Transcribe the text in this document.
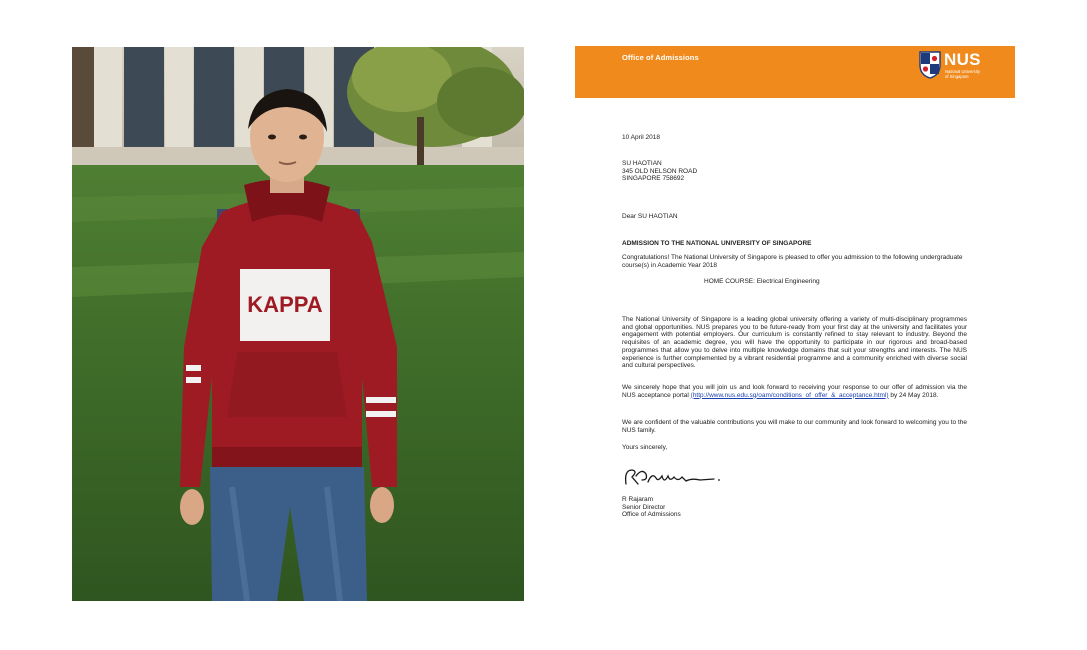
KAPPA
Office of Admissions	NUS
National University
of Singapore
10 April 2018
SU HAOTIAN
345 OLD NELSON ROAD
SINGAPORE 758692
Dear SU HAOTIAN
ADMISSION TO THE NATIONAL UNIVERSITY OF SINGAPORE
Congratulations! The National University of Singapore is pleased to offer you admission to the following undergraduate course(s) in Academic Year 2018
HOME COURSE: Electrical Engineering
The National University of Singapore is a leading global university offering a variety of multi-disciplinary programmes and global opportunities. NUS prepares you to be future-ready from your first day at the university and facilitates your engagement with potential employers. Our curriculum is constantly refined to stay relevant to industry. Beyond the requisites of an academic degree, you will have the opportunity to participate in our rigorous and broad-based programmes that allow you to delve into multiple knowledge domains that suit your strengths and interests. The NUS experience is further complemented by a vibrant residential programme and a community enriched with diverse social and cultural perspectives.
We sincerely hope that you will join us and look forward to receiving your response to our offer of admission via the NUS acceptance portal (http://www.nus.edu.sg/oam/conditions_of_offer_&_acceptance.html) by 24 May 2018.
We are confident of the valuable contributions you will make to our community and look forward to welcoming you to the NUS family.
Yours sincerely,
R Rajaram
Senior Director
Office of Admissions
